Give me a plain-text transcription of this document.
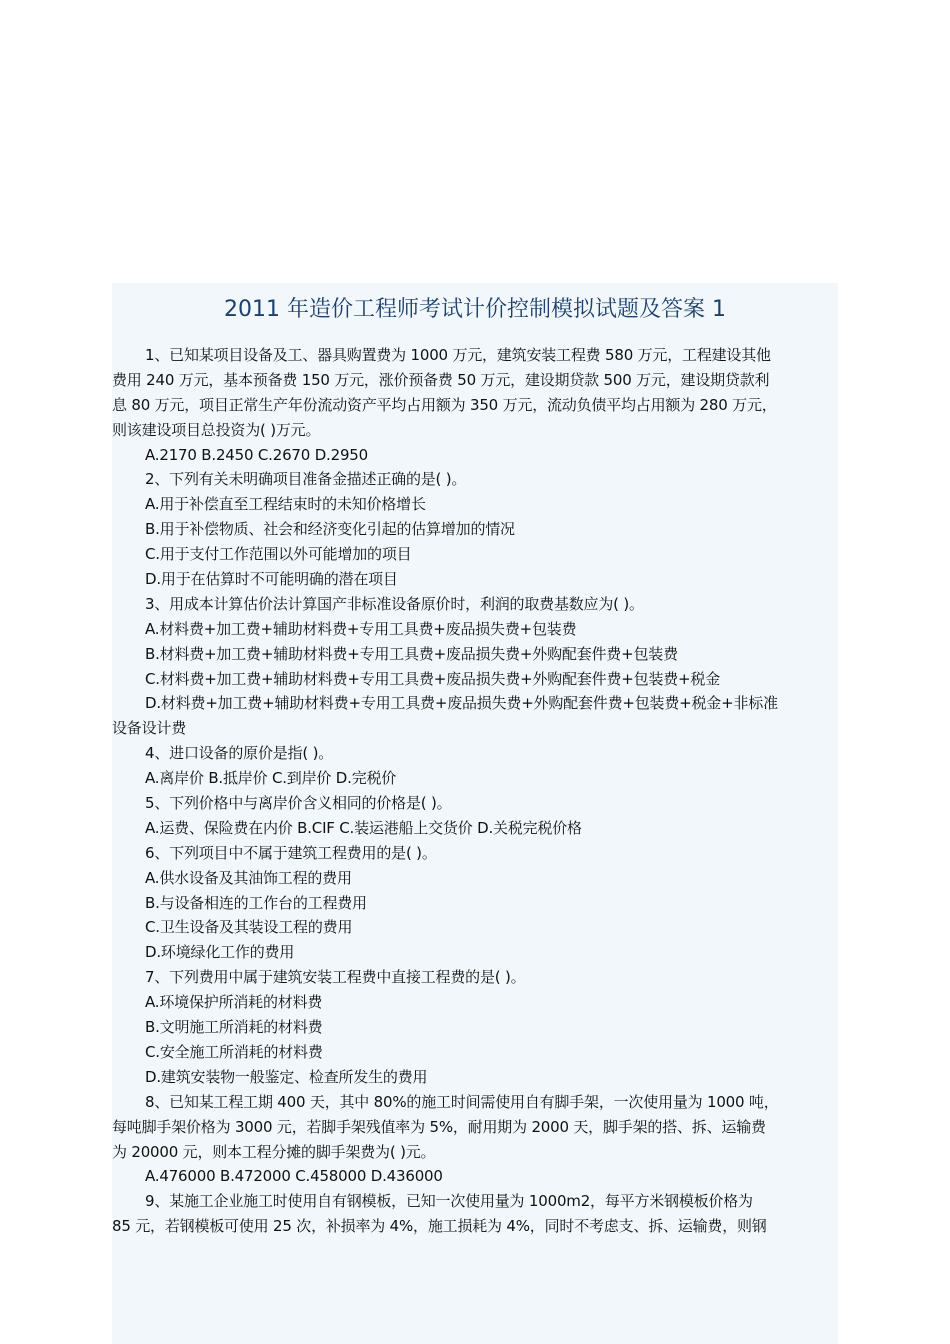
2011 年造价工程师考试计价控制模拟试题及答案 1
1、已知某项目设备及工、器具购置费为 1000 万元，建筑安装工程费 580 万元，工程建设其他
费用 240 万元，基本预备费 150 万元，涨价预备费 50 万元，建设期贷款 500 万元，建设期贷款利
息 80 万元，项目正常生产年份流动资产平均占用额为 350 万元，流动负债平均占用额为 280 万元，
则该建设项目总投资为( )万元。
A.2170 B.2450 C.2670 D.2950
2、下列有关未明确项目准备金描述正确的是( )。
A.用于补偿直至工程结束时的未知价格增长
B.用于补偿物质、社会和经济变化引起的估算增加的情况
C.用于支付工作范围以外可能增加的项目
D.用于在估算时不可能明确的潜在项目
3、用成本计算估价法计算国产非标准设备原价时，利润的取费基数应为( )。
A.材料费+加工费+辅助材料费+专用工具费+废品损失费+包装费
B.材料费+加工费+辅助材料费+专用工具费+废品损失费+外购配套件费+包装费
C.材料费+加工费+辅助材料费+专用工具费+废品损失费+外购配套件费+包装费+税金
D.材料费+加工费+辅助材料费+专用工具费+废品损失费+外购配套件费+包装费+税金+非标准
设备设计费
4、进口设备的原价是指( )。
A.离岸价 B.抵岸价 C.到岸价 D.完税价
5、下列价格中与离岸价含义相同的价格是( )。
A.运费、保险费在内价 B.CIF C.装运港船上交货价 D.关税完税价格
6、下列项目中不属于建筑工程费用的是( )。
A.供水设备及其油饰工程的费用
B.与设备相连的工作台的工程费用
C.卫生设备及其装设工程的费用
D.环境绿化工作的费用
7、下列费用中属于建筑安装工程费中直接工程费的是( )。
A.环境保护所消耗的材料费
B.文明施工所消耗的材料费
C.安全施工所消耗的材料费
D.建筑安装物一般鉴定、检查所发生的费用
8、已知某工程工期 400 天，其中 80%的施工时间需使用自有脚手架，一次使用量为 1000 吨，
每吨脚手架价格为 3000 元，若脚手架残值率为 5%，耐用期为 2000 天，脚手架的搭、拆、运输费
为 20000 元，则本工程分摊的脚手架费为( )元。
A.476000 B.472000 C.458000 D.436000
9、某施工企业施工时使用自有钢模板，已知一次使用量为 1000m2，每平方米钢模板价格为
85 元，若钢模板可使用 25 次，补损率为 4%，施工损耗为 4%，同时不考虑支、拆、运输费，则钢
